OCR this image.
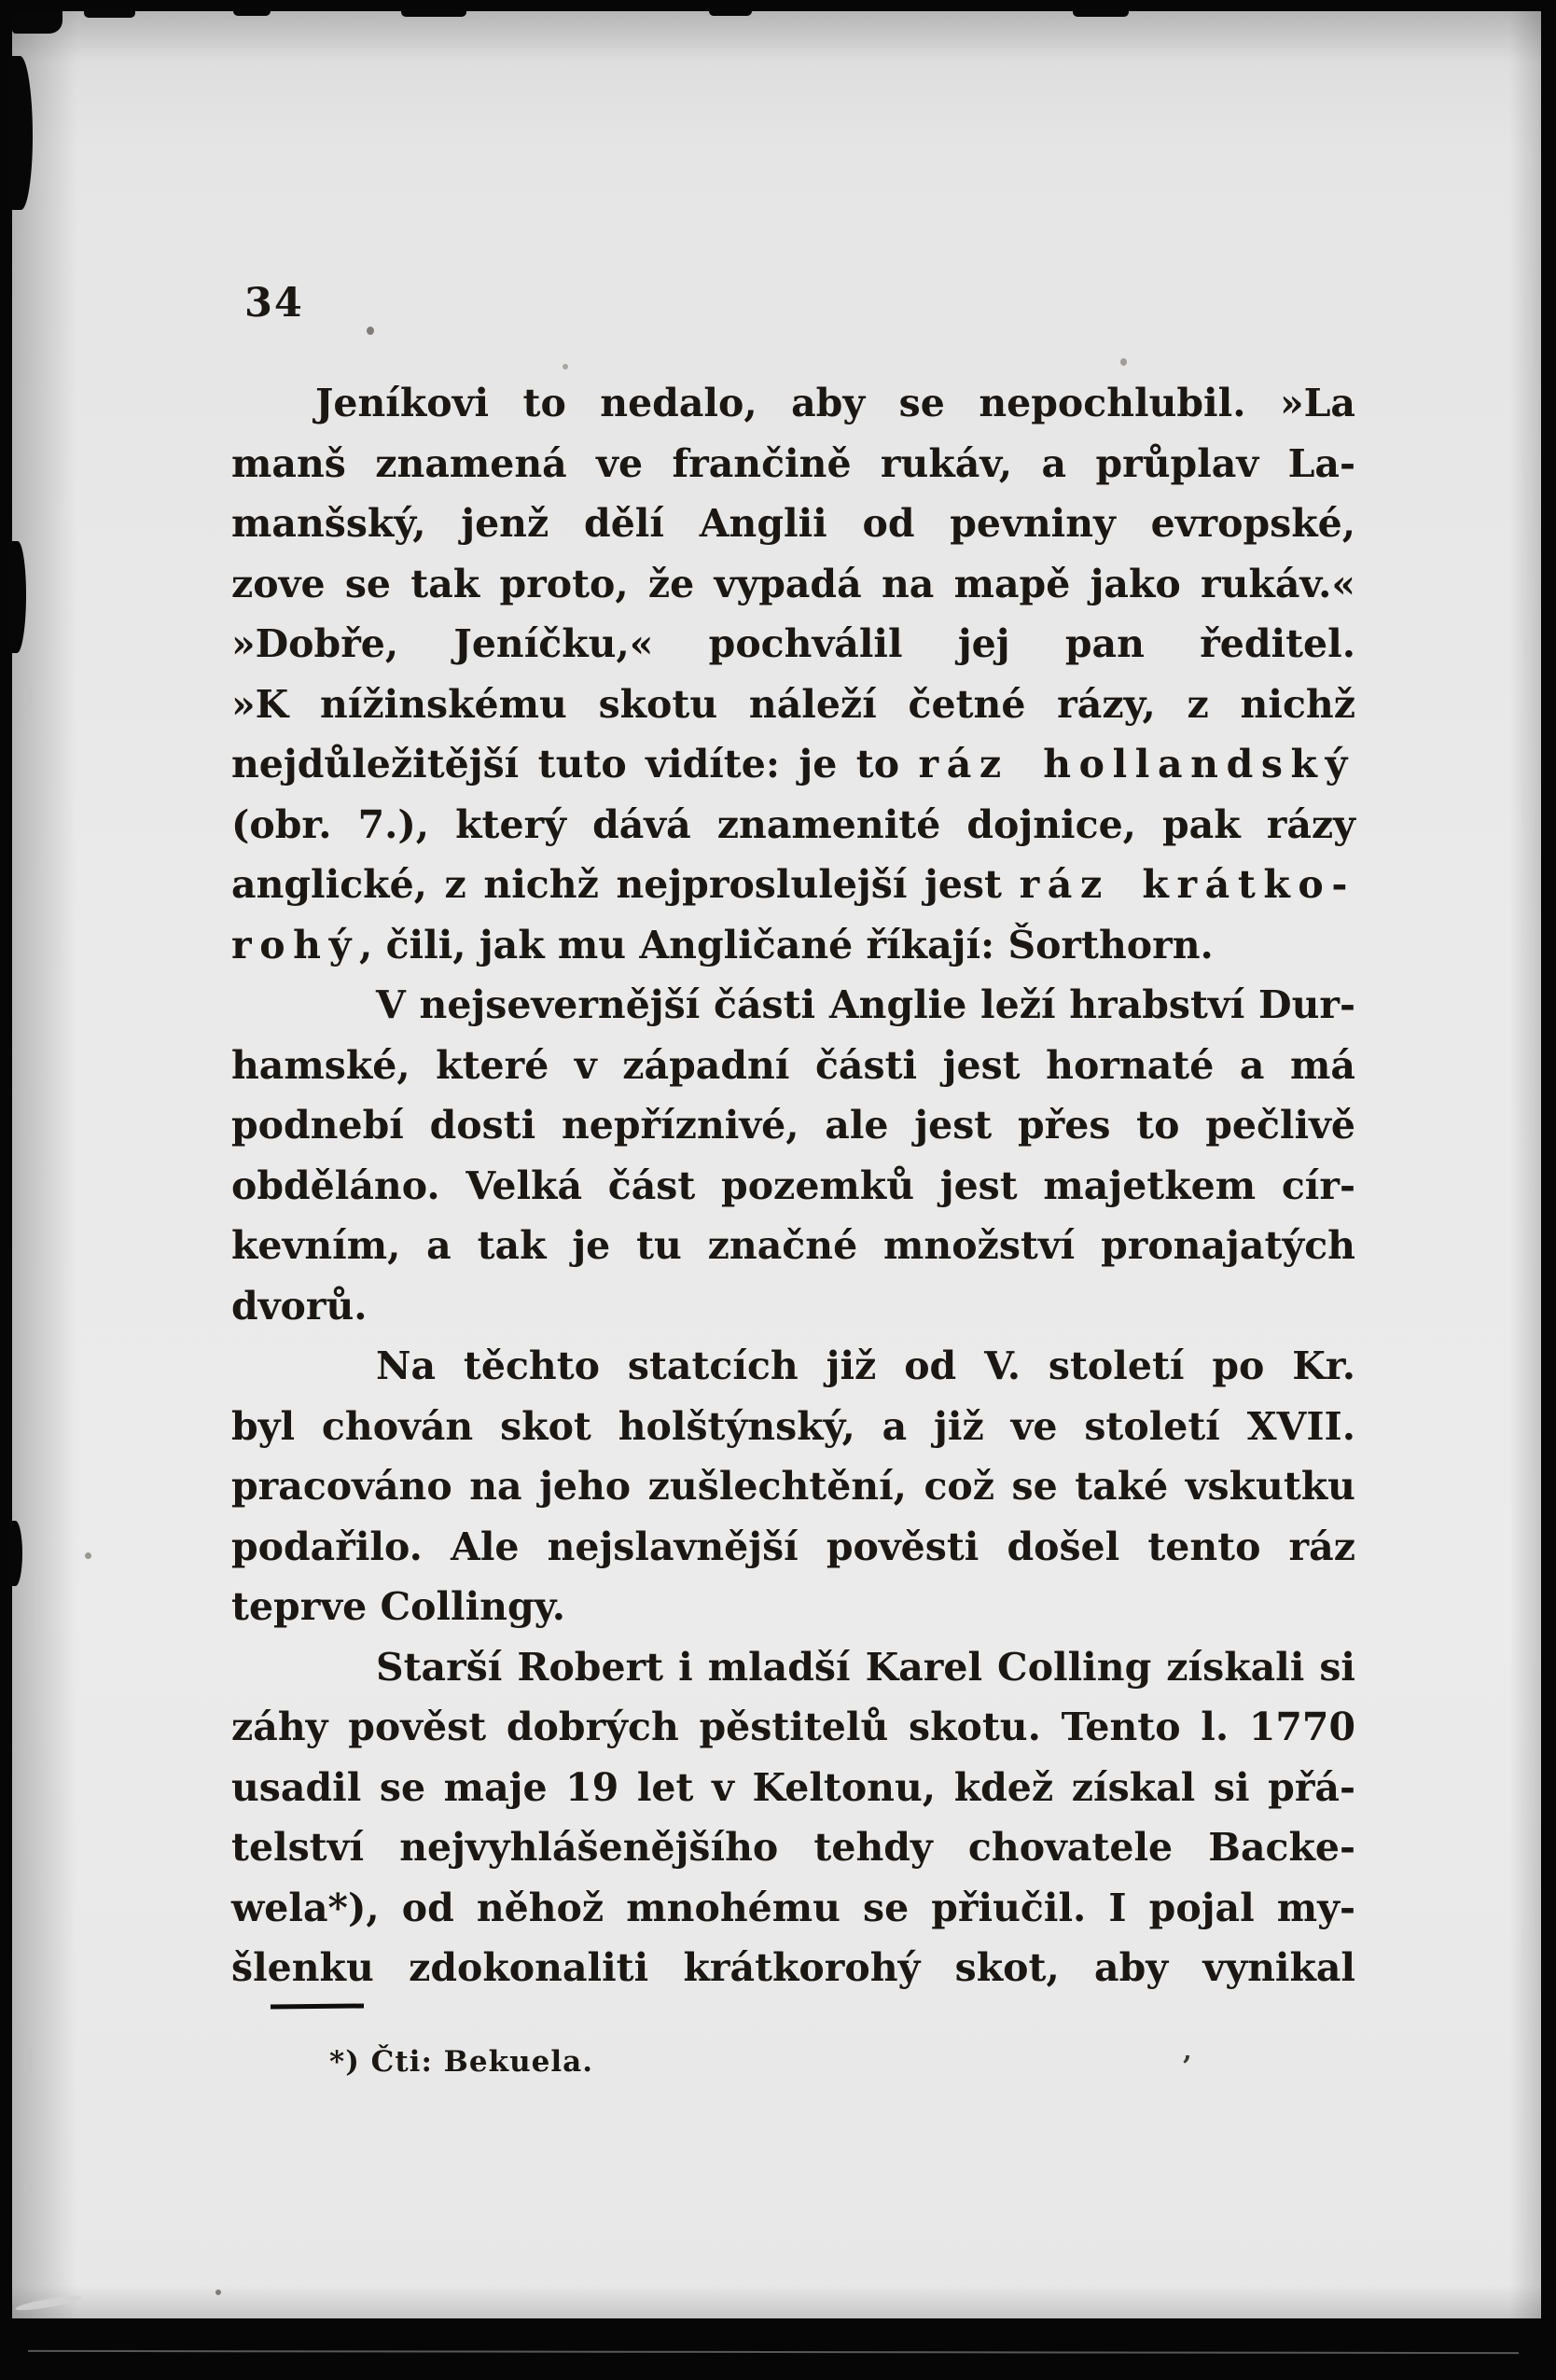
34
Jeníkovi to nedalo, aby se nepochlubil. »La
manš znamená ve frančině rukáv, a průplav La-
manšský, jenž dělí Anglii od pevniny evropské,
zove se tak proto, že vypadá na mapě jako rukáv.«
»Dobře, Jeníčku,« pochválil jej pan ředitel.
»K nížinskému skotu náleží četné rázy, z nichž
nejdůležitější tuto vidíte: je to ráz hollandský
(obr. 7.), který dává znamenité dojnice, pak rázy
anglické, z nichž nejproslulejší jest ráz krátko-
rohý, čili, jak mu Angličané říkají: Šorthorn.
V nejsevernější části Anglie leží hrabství Dur-
hamské, které v západní části jest hornaté a má
podnebí dosti nepříznivé, ale jest přes to pečlivě
obděláno. Velká část pozemků jest majetkem cír-
kevním, a tak je tu značné množství pronajatých
dvorů.
Na těchto statcích již od V. století po Kr.
byl chován skot holštýnský, a již ve století XVII.
pracováno na jeho zušlechtění, což se také vskutku
podařilo. Ale nejslavnější pověsti došel tento ráz
teprve Collingy.
Starší Robert i mladší Karel Colling získali si
záhy pověst dobrých pěstitelů skotu. Tento l. 1770
usadil se maje 19 let v Keltonu, kdež získal si přá-
telství nejvyhlášenějšího tehdy chovatele Backe-
wela*), od něhož mnohému se přiučil. I pojal my-
šlenku zdokonaliti krátkorohý skot, aby vynikal
*) Čti: Bekuela.	’
